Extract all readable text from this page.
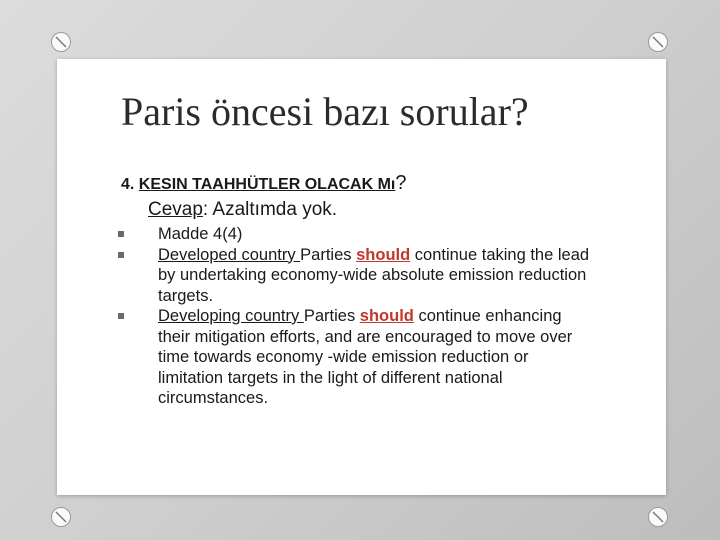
Paris öncesi bazı sorular?
4. KESIN TAAHHÜTLER OLACAK Mı?
Cevap: Azaltımda yok.
Madde 4(4)
Developed country Parties should continue taking the lead by undertaking economy-wide absolute emission reduction targets.
Developing country Parties should continue enhancing their mitigation efforts, and are encouraged to move over time towards economy -wide emission reduction or limitation targets in the light of different national circumstances.
